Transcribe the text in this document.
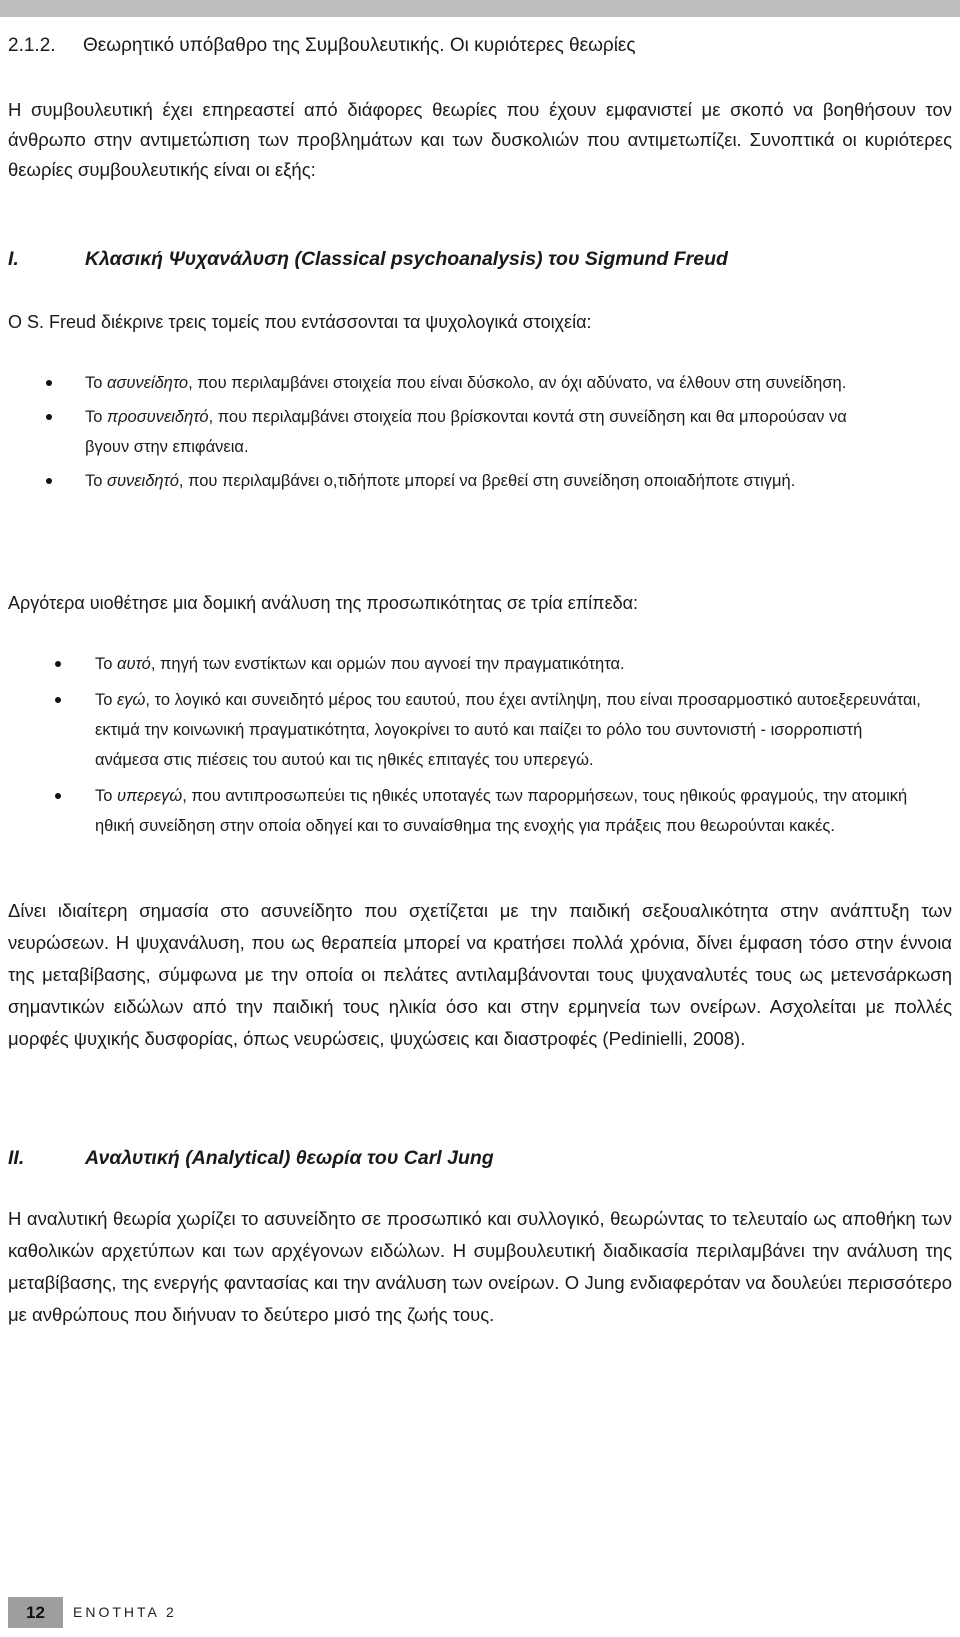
2.1.2. Θεωρητικό υπόβαθρο της Συμβουλευτικής. Οι κυριότερες θεωρίες

Η συμβουλευτική έχει επηρεαστεί από διάφορες θεωρίες που έχουν εμφανιστεί με σκοπό να βοηθήσουν τον άνθρωπο στην αντιμετώπιση των προβλημάτων και των δυσκολιών που αντιμετωπίζει. Συνοπτικά οι κυριότερες θεωρίες συμβουλευτικής είναι οι εξής:

I.	Κλασική Ψυχανάλυση (Classical psychoanalysis) του Sigmund Freud
Ο S. Freud διέκρινε τρεις τομείς που εντάσσονται τα ψυχολογικά στοιχεία:
Το ασυνείδητο, που περιλαμβάνει στοιχεία που είναι δύσκολο, αν όχι αδύνατο, να έλθουν στη συνείδηση.
Το προσυνειδητό, που περιλαμβάνει στοιχεία που βρίσκονται κοντά στη συνείδηση και θα μπορούσαν να βγουν στην επιφάνεια.
Το συνειδητό, που περιλαμβάνει ο,τιδήποτε μπορεί να βρεθεί στη συνείδηση οποιαδήποτε στιγμή.
Αργότερα υιοθέτησε μια δομική ανάλυση της προσωπικότητας σε τρία επίπεδα:
Το αυτό, πηγή των ενστίκτων και ορμών που αγνοεί την πραγματικότητα.
Το εγώ, το λογικό και συνειδητό μέρος του εαυτού, που έχει αντίληψη, που είναι προσαρμοστικό αυτοεξερευνάται, εκτιμά την κοινωνική πραγματικότητα, λογοκρίνει το αυτό και παίζει το ρόλο του συντονιστή - ισορροπιστή ανάμεσα στις πιέσεις του αυτού και τις ηθικές επιταγές του υπερεγώ.
Το υπερεγώ, που αντιπροσωπεύει τις ηθικές υποταγές των παρορμήσεων, τους ηθικούς φραγμούς, την ατομική ηθική συνείδηση στην οποία οδηγεί και το συναίσθημα της ενοχής για πράξεις που θεωρούνται κακές.

Δίνει ιδιαίτερη σημασία στο ασυνείδητο που σχετίζεται με την παιδική σεξουαλικότητα στην ανάπτυξη των νευρώσεων. Η ψυχανάλυση, που ως θεραπεία μπορεί να κρατήσει πολλά χρόνια, δίνει έμφαση τόσο στην έννοια της μεταβίβασης, σύμφωνα με την οποία οι πελάτες αντιλαμβάνονται τους ψυχαναλυτές τους ως μετενσάρκωση σημαντικών ειδώλων από την παιδική τους ηλικία όσο και στην ερμηνεία των ονείρων. Ασχολείται με πολλές μορφές ψυχικής δυσφορίας, όπως νευρώσεις, ψυχώσεις και διαστροφές (Pedinielli, 2008).

II.	Αναλυτική (Analytical) θεωρία του Carl Jung

Η αναλυτική θεωρία χωρίζει το ασυνείδητο σε προσωπικό και συλλογικό, θεωρώντας το τελευταίο ως αποθήκη των καθολικών αρχετύπων και των αρχέγονων ειδώλων. Η συμβουλευτική διαδικασία περιλαμβάνει την ανάλυση της μεταβίβασης, της ενεργής φαντασίας και την ανάλυση των ονείρων. Ο Jung ενδιαφερόταν να δουλεύει περισσότερο με ανθρώπους που διήνυαν το δεύτερο μισό της ζωής τους.

12	ΕΝΟΤΗΤΑ 2
